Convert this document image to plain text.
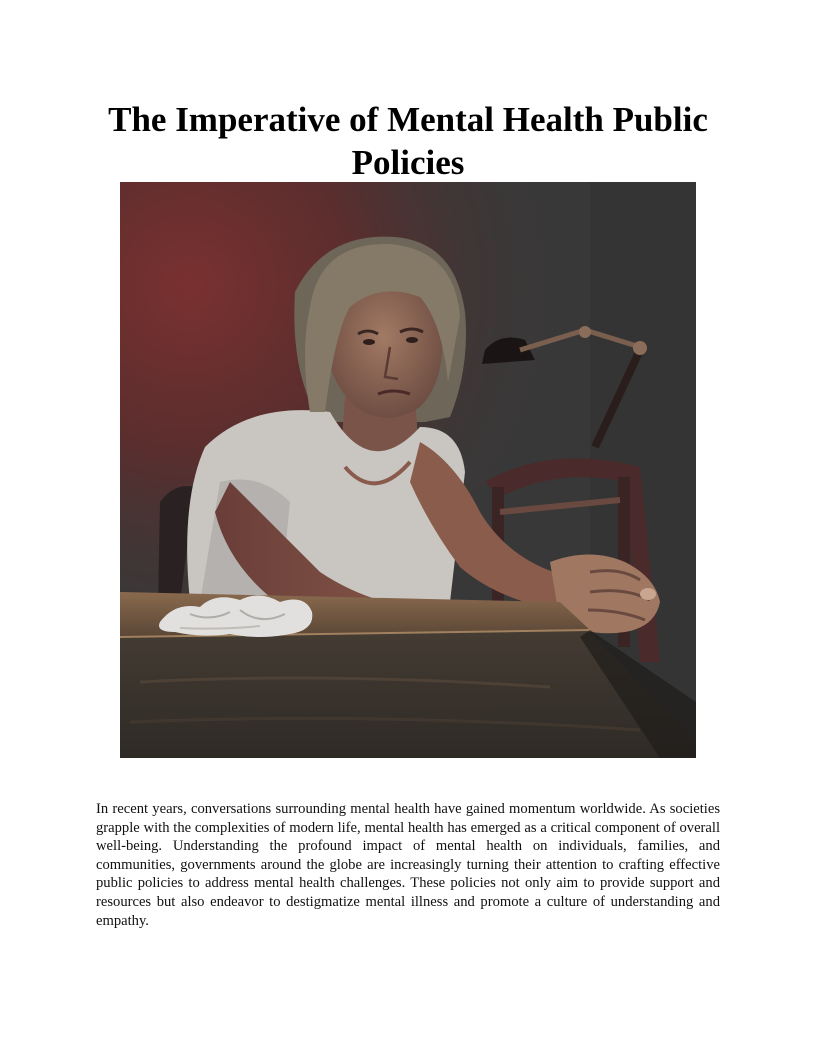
The Imperative of Mental Health Public Policies

In recent years, conversations surrounding mental health have gained momentum worldwide. As societies grapple with the complexities of modern life, mental health has emerged as a critical component of overall well-being. Understanding the profound impact of mental health on individuals, families, and communities, governments around the globe are increasingly turning their attention to crafting effective public policies to address mental health challenges. These policies not only aim to provide support and resources but also endeavor to destigmatize mental illness and promote a culture of understanding and empathy.
